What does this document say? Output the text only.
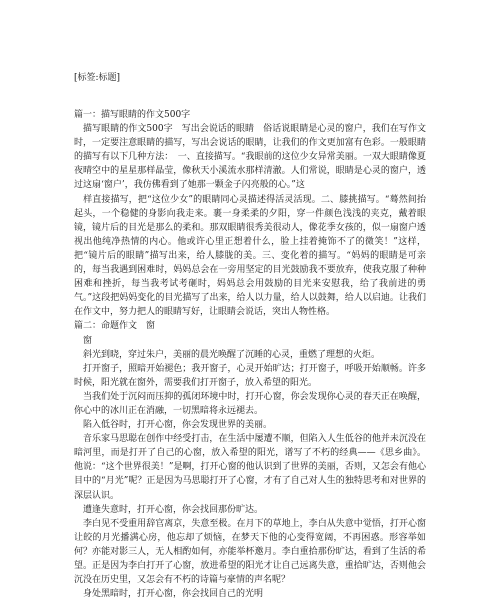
[标签:标题]

篇一：描写眼睛的作文500字

　描写眼睛的作文500字　写出会说话的眼睛　俗话说眼睛是心灵的窗户，我们在写作文时，一定要注意眼睛的描写，写出会说话的眼睛，让我们的作文更加富有色彩。一般眼睛的描写有以下几种方法：　一、直接描写。“我眼前的这位少女异常美丽。一双大眼睛像夏夜晴空中的星星那样晶莹，像秋天小溪流水那样清澈。人们常说，眼睛是心灵的窗户，透过这扇‘窗户’，我仿佛看到了她那一颗金子闪亮般的心。”这

　样直接描写，把“这位少女”的眼睛同心灵描述得活灵活现。二、膝挑描写。“蓦然间抬起头，一个稳健的身影向我走来。裹一身柔柔的夕阳，穿一件颜色浅浅的夹克，戴着眼镜，镜片后的目光是那么的柔和。那双眼睛很秀美很动人，像花季女孩的，似一扇窗户透视出他纯净热情的内心。他或许心里正想着什么，脸上挂着掩饰不了的微笑！”这样，把“镜片后的眼睛”描写出来，给人膝胧的美。三、变化着的描写。“妈妈的眼睛是可亲的，每当我遇到困难时，妈妈总会在一旁用坚定的目光鼓励我不要放弃，使我克服了种种困难和挫折，每当我考试考砸时，妈妈总会用鼓励的目光来安慰我，给了我前进的勇气。”这段把妈妈变化的目光描写了出来，给人以力量，给人以鼓舞，给人以启迪。让我们在作文中，努力把人的眼睛写好，让眼睛会说话，突出人物性格。

篇二：命题作文　窗

　窗

　斜光到晓，穿过朱户，美丽的晨光唤醒了沉睡的心灵，重燃了理想的火炬。

　打开窗子，照暗开始褪色；我开窗子，心灵开始旷达；打开窗子，呼吸开始顺畅。许多时候，阳光就在窗外，需要我们打开窗子，放入希望的阳光。

　当我们处于沉闷而压抑的孤闭环境中时，打开心窗，你会发现你心灵的春天正在唤醒，你心中的冰川正在消融，一切黑暗将永远褪去。

　陷入低谷时，打开心窗，你会发现世界的美丽。

　音乐家马思聪在创作中经受打击，在生活中屡遭不顺，但陷入人生低谷的他并未沉没在暗河里，而是打开了自己的心窗，放入希望的阳光，谱写了不朽的经典——《思乡曲》。他说：“这个世界很美！”是啊，打开心窗的他认识到了世界的美丽，否则，又怎会有他心目中的“月光”呢？正是因为马思聪打开了心窗，才有了自己对人生的独特思考和对世界的深层认识。

　遭逢失意时，打开心窗，你会找回那份旷达。

　李白见不受重用辞官离京，失意至极。在月下的草地上，李白从失意中觉悟，打开心窗让皎的月光播满心房，他忘却了烦恼，在梦天下他的心变得宽阔，不再困惑。形容举如何？亦能对影三人，无人相酌如何，亦能举杯邀月。李白重拾那份旷达，看到了生活的希望。正是因为李白打开了心窗，放进希望的阳光才让自己远离失意，重拾旷达，否则他会沉没在历史里，又怎会有不朽的诗篇与豪情的声名呢？

　身处黑暗时，打开心窗，你会找回自己的光明
